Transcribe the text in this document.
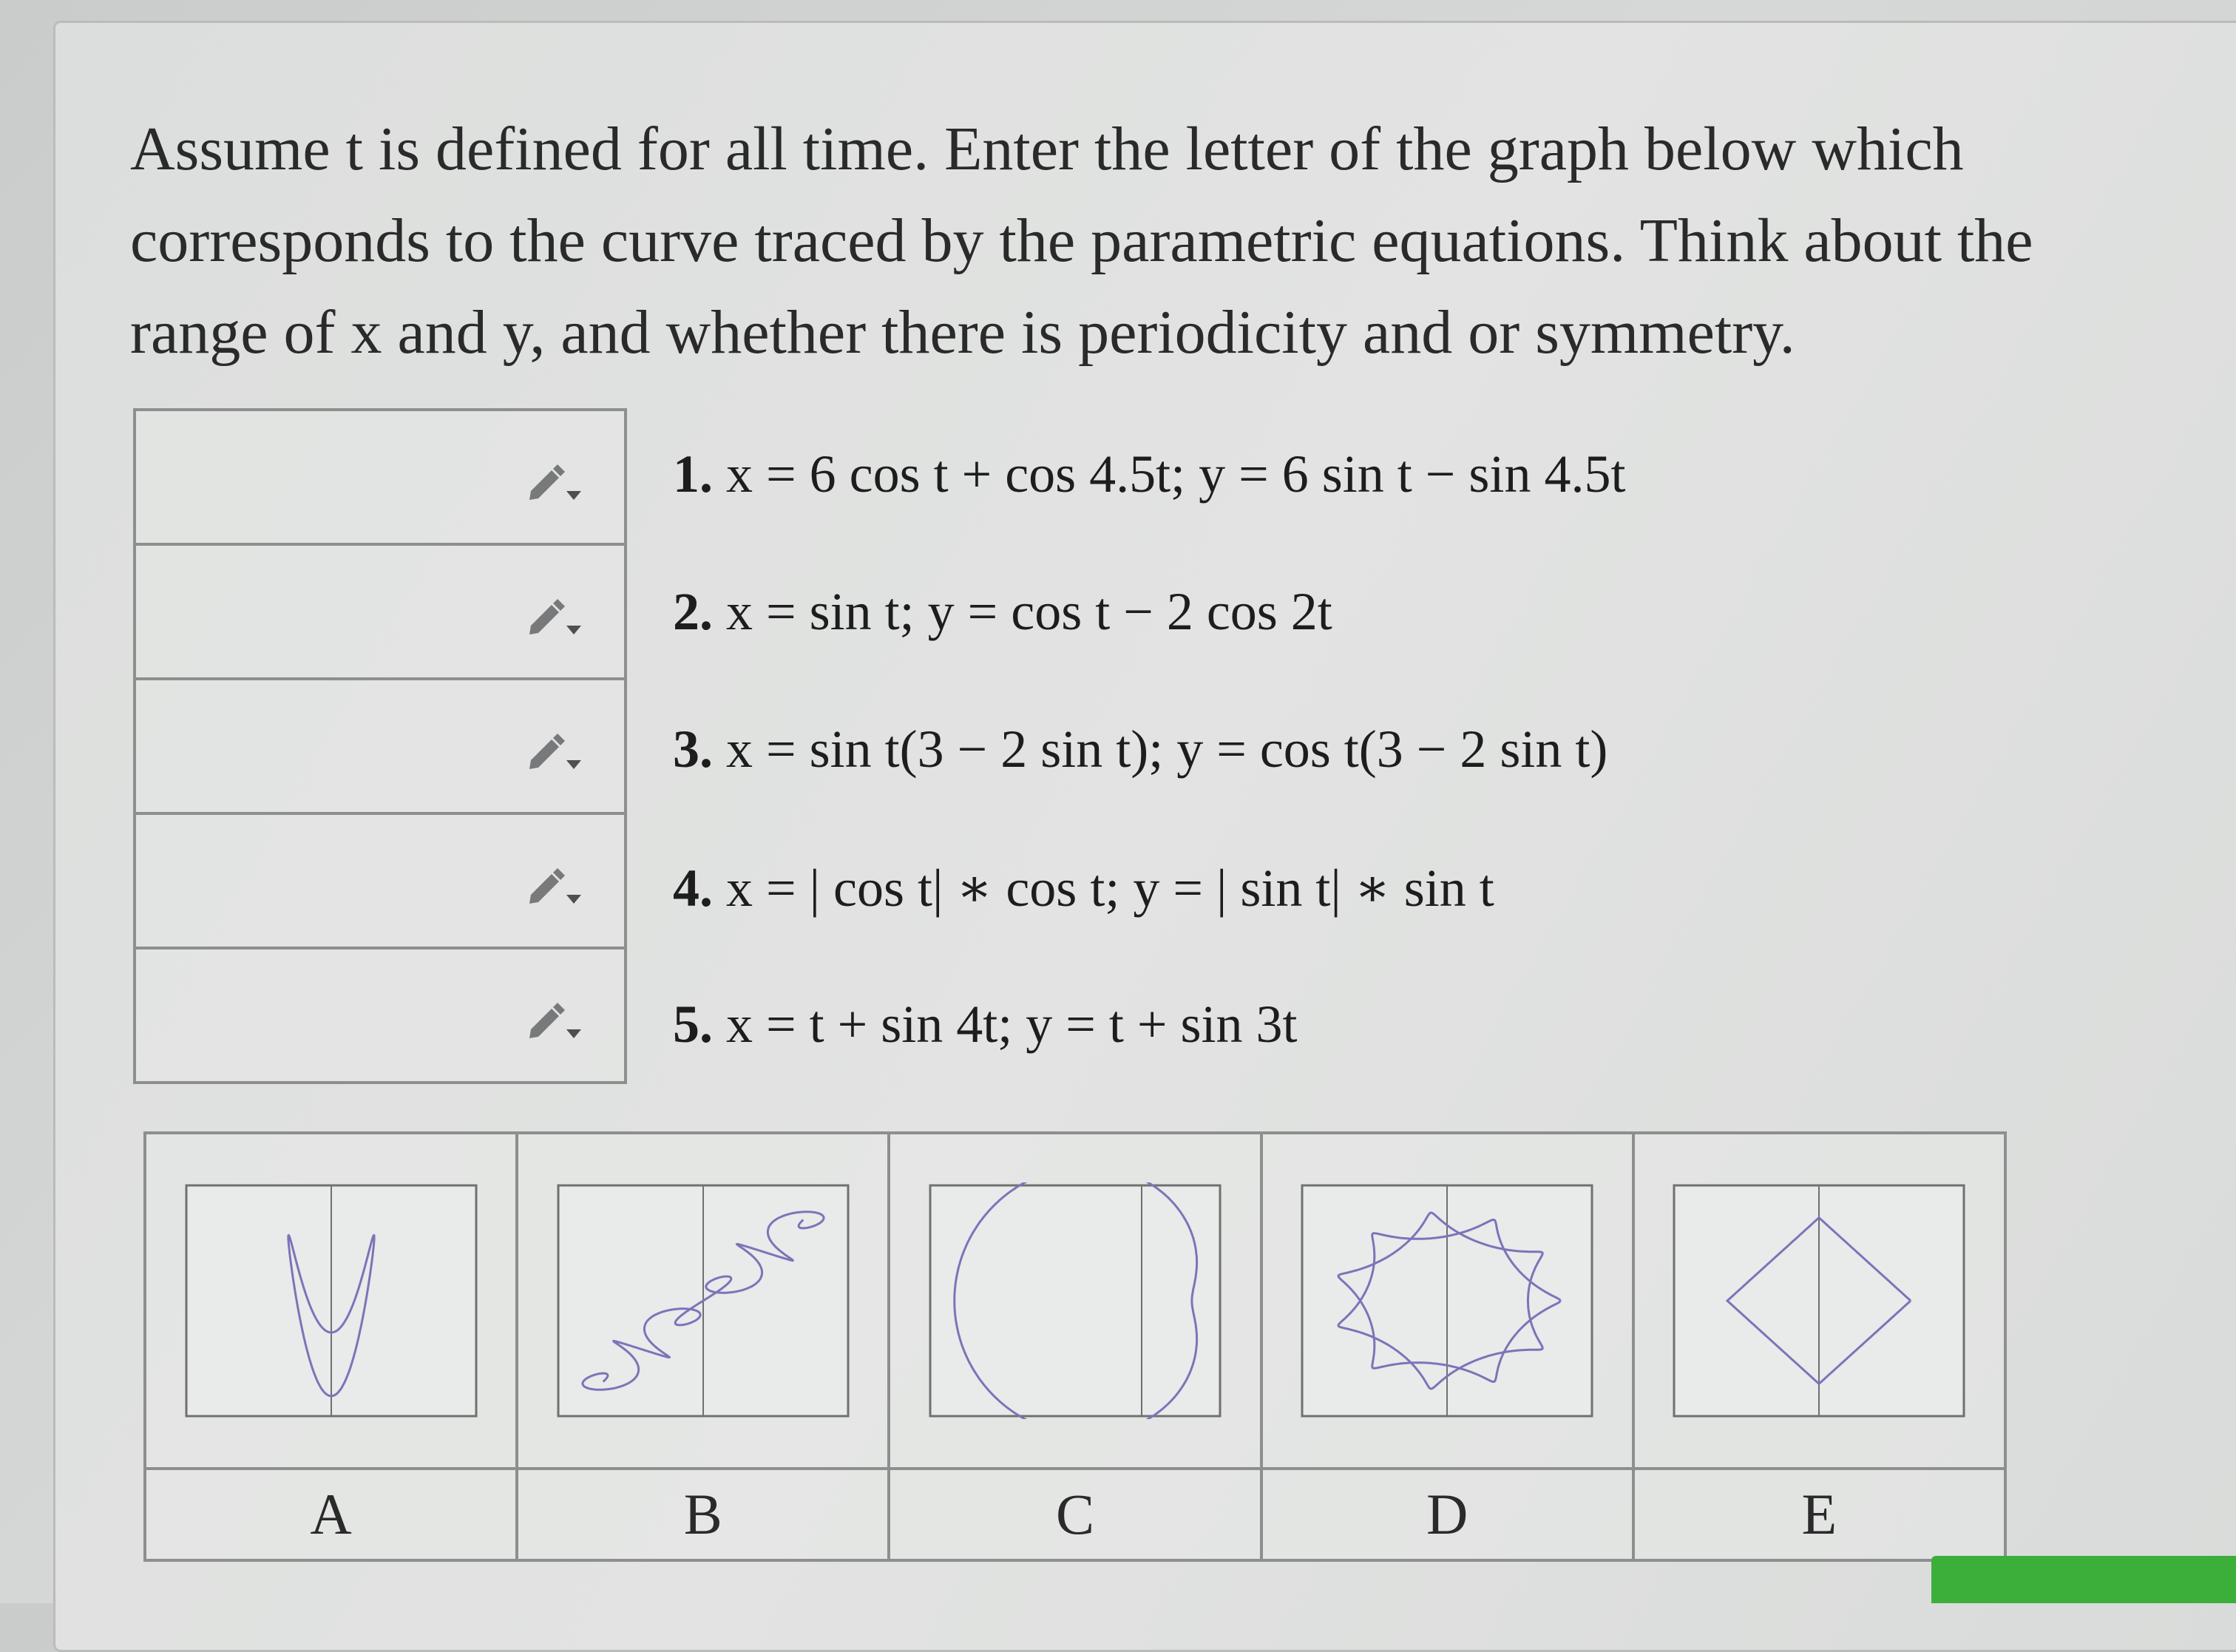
Assume t is defined for all time. Enter the letter of the graph below which corresponds to the curve traced by the parametric equations. Think about the range of x and y, and whether there is periodicity and or symmetry.

1. x = 6 cos t + cos 4.5t; y = 6 sin t − sin 4.5t
2. x = sin t; y = cos t − 2 cos 2t
3. x = sin t(3 − 2 sin t); y = cos t(3 − 2 sin t)
4. x = | cos t| ∗ cos t; y = | sin t| ∗ sin t
5. x = t + sin 4t; y = t + sin 3t

A	B	C	D	E
